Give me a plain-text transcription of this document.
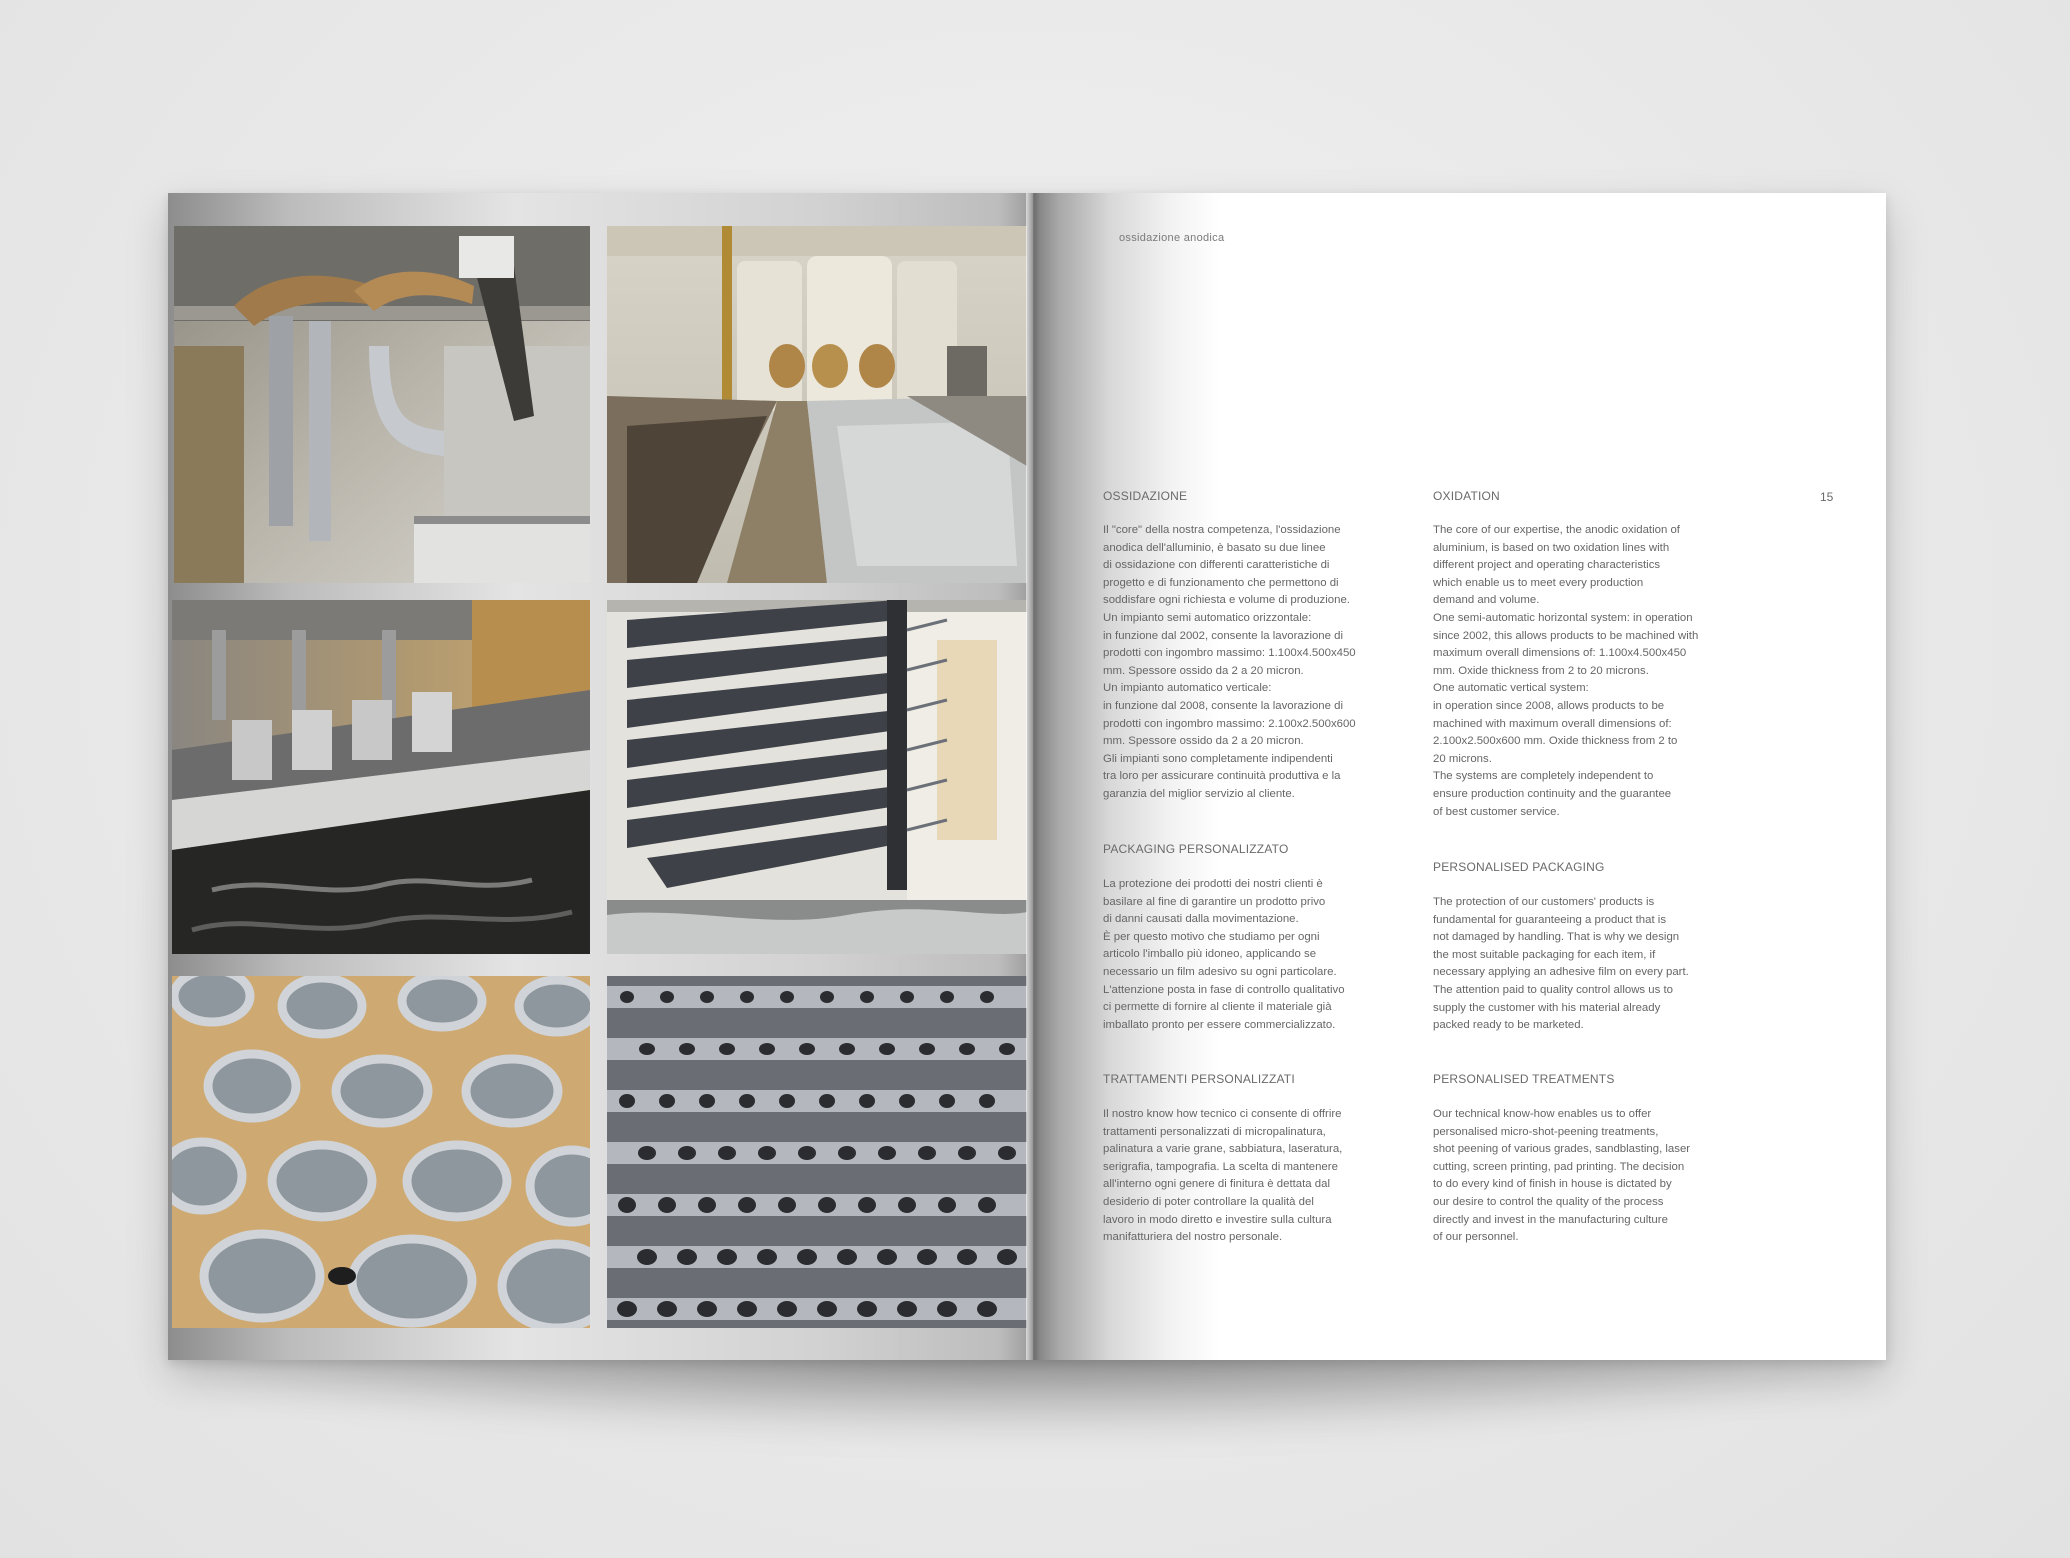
ossidazione anodica
15
OSSIDAZIONE
Il "core" della nostra competenza, l'ossidazione
anodica dell'alluminio, è basato su due linee
di ossidazione con differenti caratteristiche di
progetto e di funzionamento che permettono di
soddisfare ogni richiesta e volume di produzione.
Un impianto semi automatico orizzontale:
in funzione dal 2002, consente la lavorazione di
prodotti con ingombro massimo: 1.100x4.500x450
mm. Spessore ossido da 2 a 20 micron.
Un impianto automatico verticale:
in funzione dal 2008, consente la lavorazione di
prodotti con ingombro massimo: 2.100x2.500x600
mm. Spessore ossido da 2 a 20 micron.
Gli impianti sono completamente indipendenti
tra loro per assicurare continuità produttiva e la
garanzia del miglior servizio al cliente.
PACKAGING PERSONALIZZATO
La protezione dei prodotti dei nostri clienti è
basilare al fine di garantire un prodotto privo
di danni causati dalla movimentazione.
È per questo motivo che studiamo per ogni
articolo l'imballo più idoneo, applicando se
necessario un film adesivo su ogni particolare.
L'attenzione posta in fase di controllo qualitativo
ci permette di fornire al cliente il materiale già
imballato pronto per essere commercializzato.
TRATTAMENTI PERSONALIZZATI
Il nostro know how tecnico ci consente di offrire
trattamenti personalizzati di micropalinatura,
palinatura a varie grane, sabbiatura, laseratura,
serigrafia, tampografia. La scelta di mantenere
all'interno ogni genere di finitura è dettata dal
desiderio di poter controllare la qualità del
lavoro in modo diretto e investire sulla cultura
manifatturiera del nostro personale.
OXIDATION
The core of our expertise, the anodic oxidation of
aluminium, is based on two oxidation lines with
different project and operating characteristics
which enable us to meet every production
demand and volume.
One semi-automatic horizontal system: in operation
since 2002, this allows products to be machined with
maximum overall dimensions of: 1.100x4.500x450
mm. Oxide thickness from 2 to 20 microns.
One automatic vertical system:
in operation since 2008, allows products to be
machined with maximum overall dimensions of:
2.100x2.500x600 mm. Oxide thickness from 2 to
20 microns.
The systems are completely independent to
ensure production continuity and the guarantee
of best customer service.
PERSONALISED PACKAGING
The protection of our customers' products is
fundamental for guaranteeing a product that is
not damaged by handling. That is why we design
the most suitable packaging for each item, if
necessary applying an adhesive film on every part.
The attention paid to quality control allows us to
supply the customer with his material already
packed ready to be marketed.
PERSONALISED TREATMENTS
Our technical know-how enables us to offer
personalised micro-shot-peening treatments,
shot peening of various grades, sandblasting, laser
cutting, screen printing, pad printing. The decision
to do every kind of finish in house is dictated by
our desire to control the quality of the process
directly and invest in the manufacturing culture
of our personnel.
